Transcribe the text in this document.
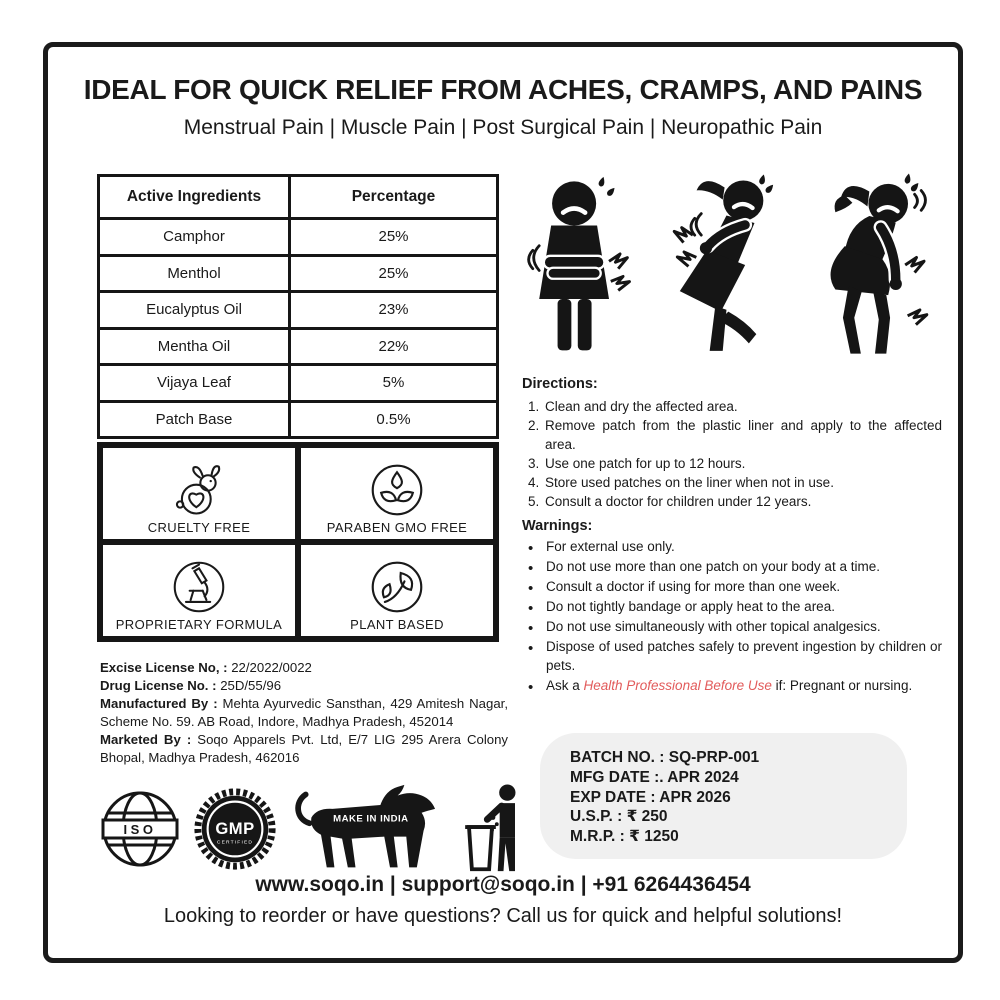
IDEAL FOR QUICK RELIEF FROM ACHES, CRAMPS, AND PAINS
Menstrual Pain | Muscle Pain | Post Surgical Pain | Neuropathic Pain
Active Ingredients	Percentage
Camphor	25%
Menthol	25%
Eucalyptus Oil	23%
Mentha Oil	22%
Vijaya Leaf	5%
Patch Base	0.5%
Directions:
Clean and dry the affected area.
Remove patch from the plastic liner and apply to the affected area.
Use one patch for up to 12 hours.
Store used patches on the liner when not in use.
Consult a doctor for children under 12 years.
Warnings:
• For external use only.
• Do not use more than one patch on your body at a time.
• Consult a doctor if using for more than one week.
• Do not tightly bandage or apply heat to the area.
• Do not use simultaneously with other topical analgesics.
• Dispose of used patches safely to prevent ingestion by children or pets.
• Ask a Health Professional Before Use if: Pregnant or nursing.
CRUELTY FREE	PARABEN GMO FREE
PROPRIETARY FORMULA	PLANT BASED

Excise License No, : 22/2022/0022

Drug License No. : 25D/55/96

Manufactured By : Mehta Ayurvedic Sansthan, 429 Amitesh Nagar, Scheme No. 59. AB Road, Indore, Madhya Pradesh, 452014

Marketed By : Soqo Apparels Pvt. Ltd, E/7 LIG 295 Arera Colony Bhopal, Madhya Pradesh, 462016

ISO	GMP
CERTIFIED
MAKE IN INDIA
BATCH NO. : SQ-PRP-001
MFG DATE :. APR 2024
EXP DATE : APR 2026
U.S.P. : ₹ 250
M.R.P. : ₹ 1250
www.soqo.in | support@soqo.in | +91 6264436454
Looking to reorder or have questions? Call us for quick and helpful solutions!
